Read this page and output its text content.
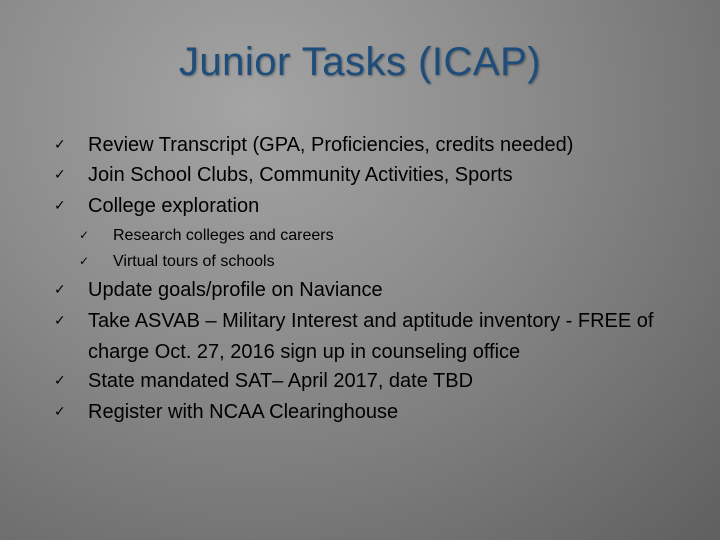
Junior Tasks (ICAP)
✓ Review Transcript (GPA, Proficiencies, credits needed)
✓ Join School Clubs, Community Activities, Sports
✓ College exploration
✓ Research colleges and careers
✓ Virtual tours of schools
✓ Update goals/profile on Naviance
✓ Take ASVAB – Military Interest and aptitude inventory - FREE of charge Oct. 27, 2016 sign up in counseling office
✓ State mandated SAT– April 2017, date TBD
✓ Register with NCAA Clearinghouse
